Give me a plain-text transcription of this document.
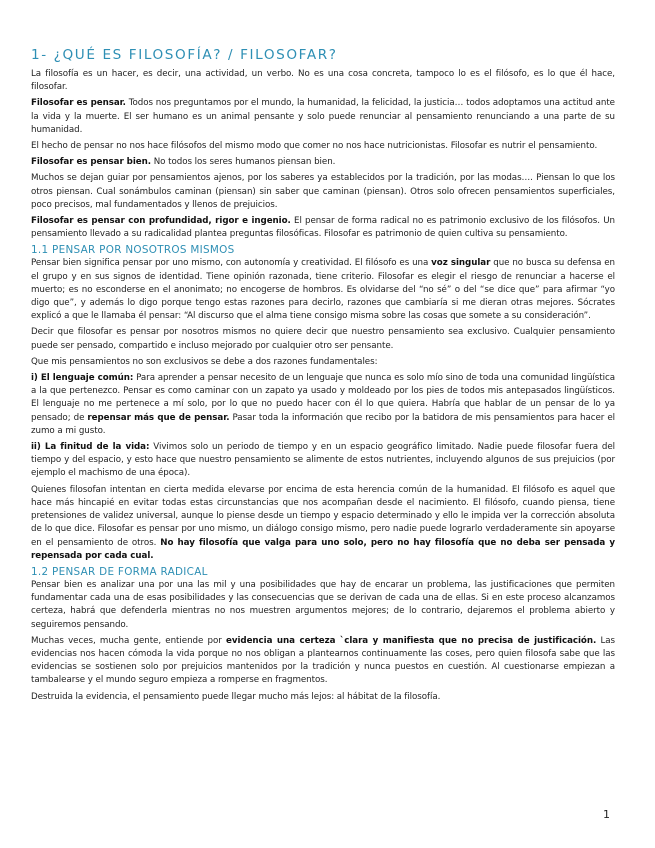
1- ¿QUÉ ES FILOSOFÍA? / FILOSOFAR?

La filosofía es un hacer, es decir, una actividad, un verbo. No es una cosa concreta, tampoco lo es el filósofo, es lo que él hace, filosofar.

Filosofar es pensar. Todos nos preguntamos por el mundo, la humanidad, la felicidad, la justicia… todos adoptamos una actitud ante la vida y la muerte. El ser humano es un animal pensante y solo puede renunciar al pensamiento renunciando a una parte de su humanidad.

El hecho de pensar no nos hace filósofos del mismo modo que comer no nos hace nutricionistas. Filosofar es nutrir el pensamiento.

Filosofar es pensar bien. No todos los seres humanos piensan bien.

Muchos se dejan guiar por pensamientos ajenos, por los saberes ya establecidos por la tradición, por las modas…. Piensan lo que los otros piensan. Cual sonámbulos caminan (piensan) sin saber que caminan (piensan). Otros solo ofrecen pensamientos superficiales, poco precisos, mal fundamentados y llenos de prejuicios.

Filosofar es pensar con profundidad, rigor e ingenio. El pensar de forma radical no es patrimonio exclusivo de los filósofos. Un pensamiento llevado a su radicalidad plantea preguntas filosóficas. Filosofar es patrimonio de quien cultiva su pensamiento.

1.1 PENSAR POR NOSOTROS MISMOS

Pensar bien significa pensar por uno mismo, con autonomía y creatividad. El filósofo es una voz singular que no busca su defensa en el grupo y en sus signos de identidad. Tiene opinión razonada, tiene criterio. Filosofar es elegir el riesgo de renunciar a hacerse el muerto; es no esconderse en el anonimato; no encogerse de hombros. Es olvidarse del “no sé” o del “se dice que” para afirmar “yo digo que”, y además lo digo porque tengo estas razones para decirlo, razones que cambiaría si me dieran otras mejores. Sócrates explicó a que le llamaba él pensar: “Al discurso que el alma tiene consigo misma sobre las cosas que somete a su consideración”.

Decir que filosofar es pensar por nosotros mismos no quiere decir que nuestro pensamiento sea exclusivo. Cualquier pensamiento puede ser pensado, compartido e incluso mejorado por cualquier otro ser pensante.

Que mis pensamientos no son exclusivos se debe a dos razones fundamentales:

i) El lenguaje común: Para aprender a pensar necesito de un lenguaje que nunca es solo mío sino de toda una comunidad lingüística a la que pertenezco. Pensar es como caminar con un zapato ya usado y moldeado por los pies de todos mis antepasados lingüísticos. El lenguaje no me pertenece a mí solo, por lo que no puedo hacer con él lo que quiera. Habría que hablar de un pensar de lo ya pensado; de repensar más que de pensar. Pasar toda la información que recibo por la batidora de mis pensamientos para hacer el zumo a mi gusto.

ii) La finitud de la vida: Vivimos solo un periodo de tiempo y en un espacio geográfico limitado. Nadie puede filosofar fuera del tiempo y del espacio, y esto hace que nuestro pensamiento se alimente de estos nutrientes, incluyendo algunos de sus prejuicios (por ejemplo el machismo de una época).

Quienes filosofan intentan en cierta medida elevarse por encima de esta herencia común de la humanidad. El filósofo es aquel que hace más hincapié en evitar todas estas circunstancias que nos acompañan desde el nacimiento. El filósofo, cuando piensa, tiene pretensiones de validez universal, aunque lo piense desde un tiempo y espacio determinado y ello le impida ver la corrección absoluta de lo que dice. Filosofar es pensar por uno mismo, un diálogo consigo mismo, pero nadie puede lograrlo verdaderamente sin apoyarse en el pensamiento de otros. No hay filosofía que valga para uno solo, pero no hay filosofía que no deba ser pensada y repensada por cada cual.

1.2 PENSAR DE FORMA RADICAL

Pensar bien es analizar una por una las mil y una posibilidades que hay de encarar un problema, las justificaciones que permiten fundamentar cada una de esas posibilidades y las consecuencias que se derivan de cada una de ellas. Si en este proceso alcanzamos certeza, habrá que defenderla mientras no nos muestren argumentos mejores; de lo contrario, dejaremos el problema abierto y seguiremos pensando.

Muchas veces, mucha gente, entiende por evidencia una certeza `clara y manifiesta que no precisa de justificación. Las evidencias nos hacen cómoda la vida porque no nos obligan a plantearnos continuamente las coses, pero quien filosofa sabe que las evidencias se sostienen solo por prejuicios mantenidos por la tradición y nunca puestos en cuestión. Al cuestionarse empiezan a tambalearse y el mundo seguro empieza a romperse en fragmentos.

Destruida la evidencia, el pensamiento puede llegar mucho más lejos: al hábitat de la filosofía.

1
